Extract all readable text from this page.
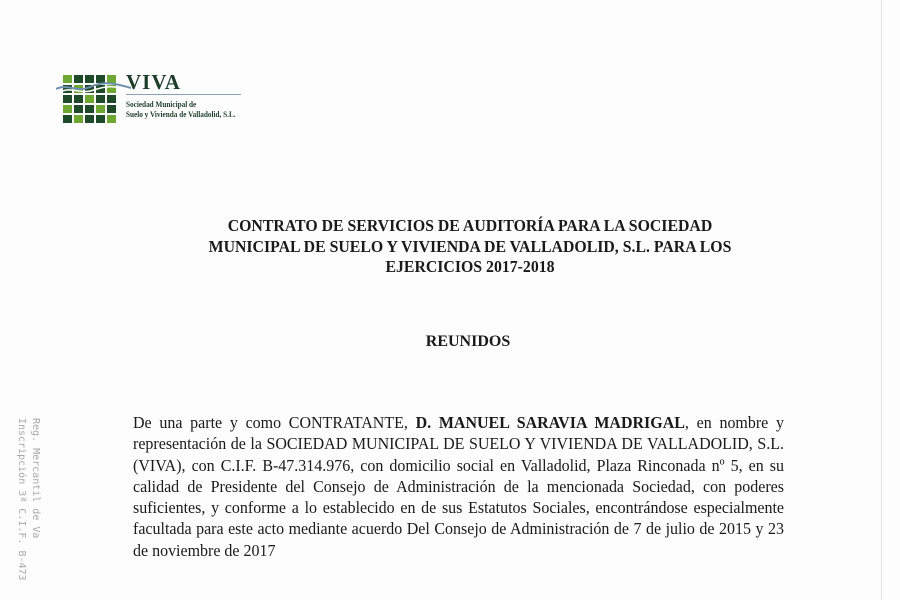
VIVA
Sociedad Municipal de
Suelo y Vivienda de Valladolid, S.L.
CONTRATO DE SERVICIOS DE AUDITORÍA PARA LA SOCIEDAD
MUNICIPAL DE SUELO Y VIVIENDA DE VALLADOLID, S.L. PARA LOS
EJERCICIOS 2017-2018
REUNIDOS
De una parte y como CONTRATANTE, D. MANUEL SARAVIA MADRIGAL, en nombre y representación de la SOCIEDAD MUNICIPAL DE SUELO Y VIVIENDA DE VALLADOLID, S.L. (VIVA), con C.I.F. B-47.314.976, con domicilio social en Valladolid, Plaza Rinconada nº 5, en su calidad de Presidente del Consejo de Administración de la mencionada Sociedad, con poderes suficientes, y conforme a lo establecido en de sus Estatutos Sociales, encontrándose especialmente facultada para este acto mediante acuerdo Del Consejo de Administración de 7 de julio de 2015 y 23 de noviembre de 2017
Reg. Mercantil de Va
Inscripción 3ª C.I.F. B-473
